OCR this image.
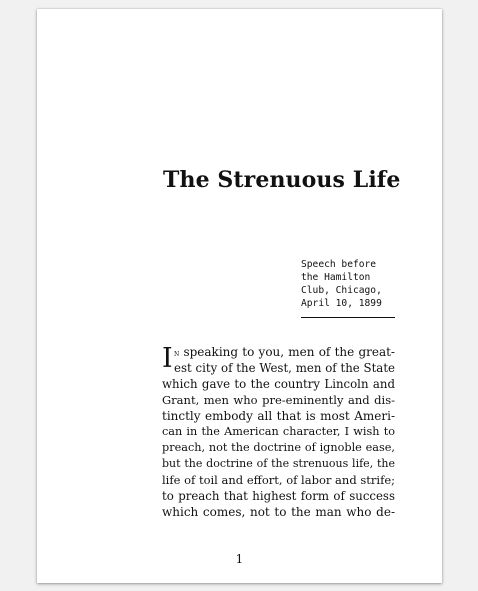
The Strenuous Life
Speech before
the Hamilton
Club, Chicago,
April 10, 1899
I n speaking to you, men of the great-
est city of the West, men of the State
which gave to the country Lincoln and
Grant, men who pre-eminently and dis-
tinctly embody all that is most Ameri-
can in the American character, I wish to
preach, not the doctrine of ignoble ease,
but the doctrine of the strenuous life, the
life of toil and effort, of labor and strife;
to preach that highest form of success
which comes, not to the man who de-
1
